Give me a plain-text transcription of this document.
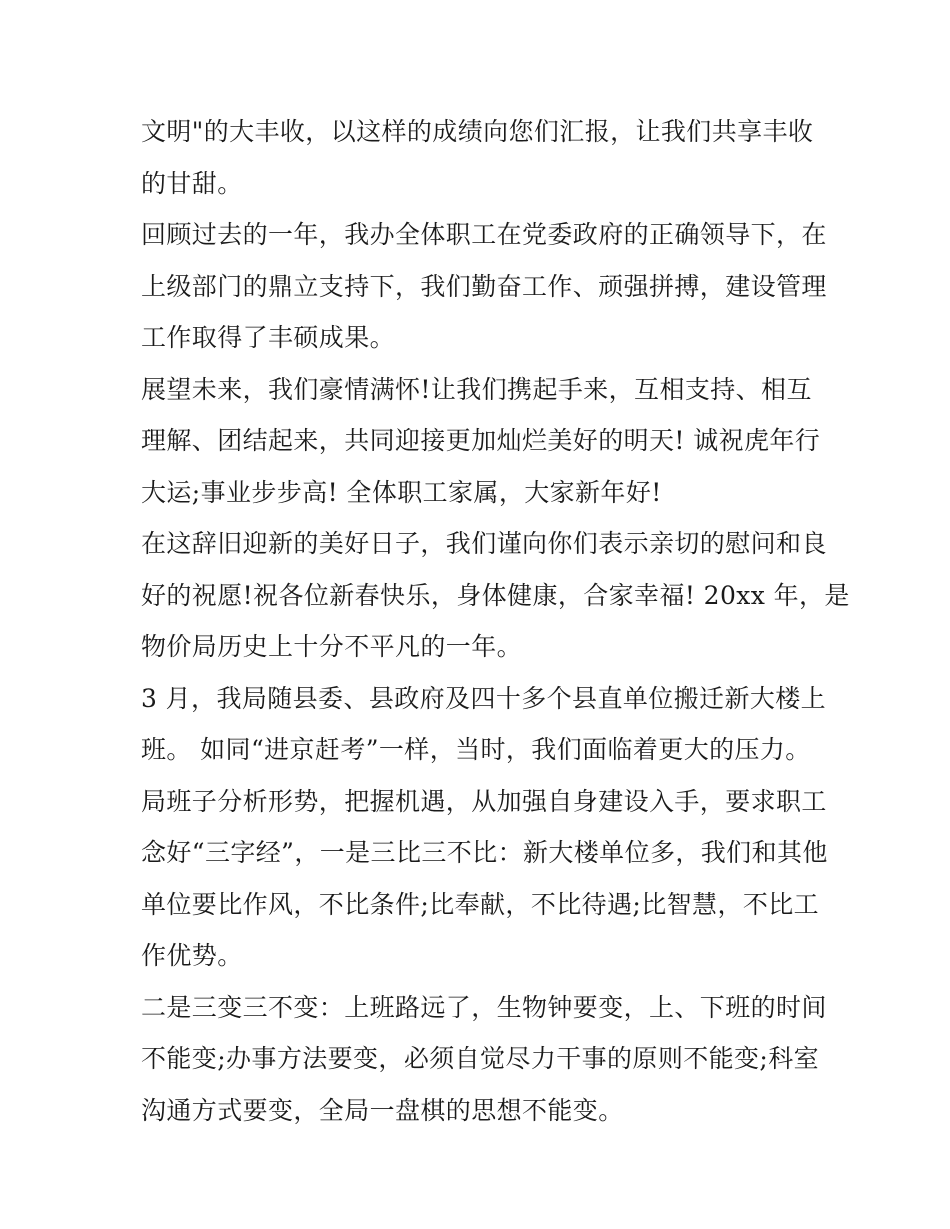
文明"的大丰收，以这样的成绩向您们汇报，让我们共享丰收
的甘甜。
回顾过去的一年，我办全体职工在党委政府的正确领导下，在
上级部门的鼎立支持下，我们勤奋工作、顽强拼搏，建设管理
工作取得了丰硕成果。
展望未来，我们豪情满怀!让我们携起手来，互相支持、相互
理解、团结起来，共同迎接更加灿烂美好的明天! 诚祝虎年行
大运;事业步步高! 全体职工家属，大家新年好!
在这辞旧迎新的美好日子，我们谨向你们表示亲切的慰问和良
好的祝愿!祝各位新春快乐，身体健康，合家幸福! 20xx 年，是
物价局历史上十分不平凡的一年。
3 月，我局随县委、县政府及四十多个县直单位搬迁新大楼上
班。 如同“进京赶考”一样，当时，我们面临着更大的压力。
局班子分析形势，把握机遇，从加强自身建设入手，要求职工
念好“三字经”，一是三比三不比：新大楼单位多，我们和其他
单位要比作风，不比条件;比奉献，不比待遇;比智慧，不比工
作优势。
二是三变三不变：上班路远了，生物钟要变，上、下班的时间
不能变;办事方法要变，必须自觉尽力干事的原则不能变;科室
沟通方式要变，全局一盘棋的思想不能变。
